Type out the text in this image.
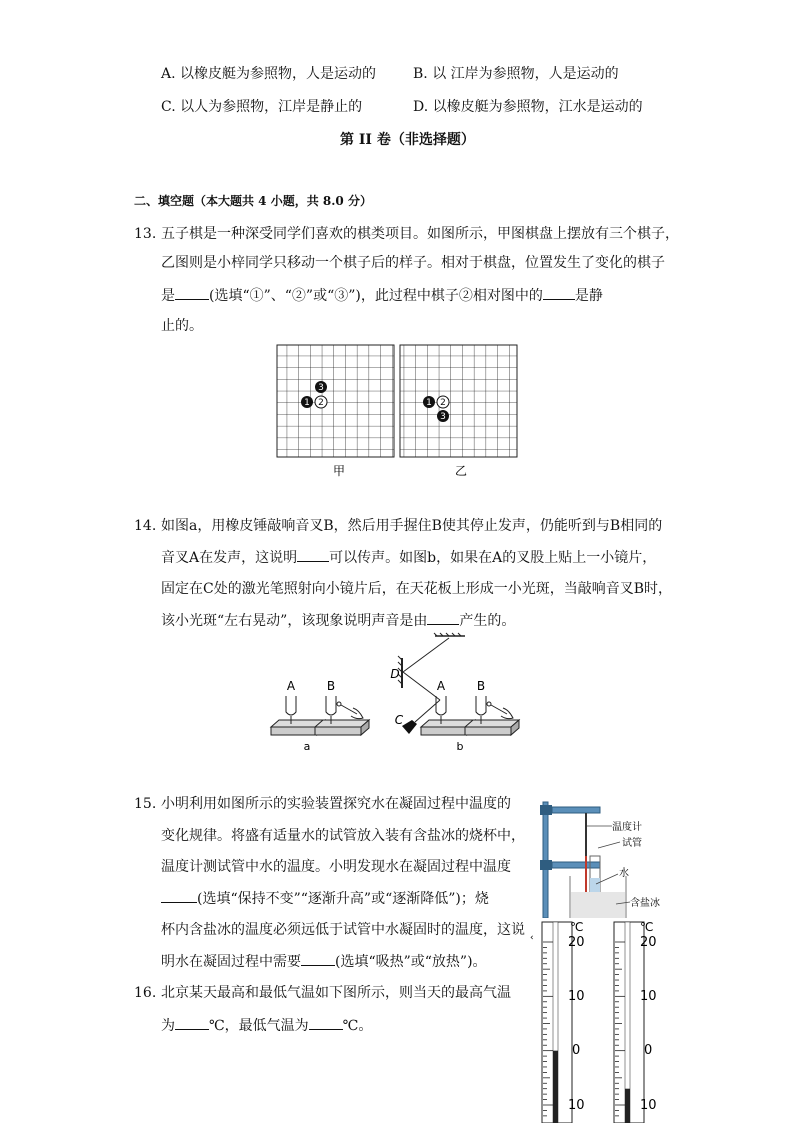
A. 以橡皮艇为参照物，人是运动的	B. 以 江岸为参照物，人是运动的
C. 以人为参照物，江岸是静止的	D. 以橡皮艇为参照物，江水是运动的
第 II 卷（非选择题）
二、填空题（本大题共 4 小题，共 8.0 分）
13. 五子棋是一种深受同学们喜欢的棋类项目。如图所示，甲图棋盘上摆放有三个棋子，
乙图则是小梓同学只移动一个棋子后的样子。相对于棋盘，位置发生了变化的棋子
是 (选填“①”、“②”或“③”)，此过程中棋子②相对图中的 是静
止的。
1 2
3
1 2
3
甲	乙
14. 如图a，用橡皮锤敲响音叉B，然后用手握住B使其停止发声，仍能听到与B相同的
音叉A在发声，这说明 可以传声。如图b，如果在A的叉股上贴上一小镜片，
固定在C处的激光笔照射向小镜片后，在天花板上形成一小光斑，当敲响音叉B时，
该小光斑“左右晃动”，该现象说明声音是由 产生的。
A	B	A	B
C
D
a	b
15. 小明利用如图所示的实验装置探究水在凝固过程中温度的
变化规律。将盛有适量水的试管放入装有含盐冰的烧杯中，
温度计测试管中水的温度。小明发现水在凝固过程中温度
(选填“保持不变”“逐渐升高”或“逐渐降低”)；烧
杯内含盐冰的温度必须远低于试管中水凝固时的温度，这说
明水在凝固过程中需要 (选填“吸热”或“放热”)。
16. 北京某天最高和最低气温如下图所示，则当天的最高气温
为 ℃，最低气温为 ℃。
温度计
试管
水
含盐冰
℃
20
10
0
10
‹
℃
20
10
0
10
